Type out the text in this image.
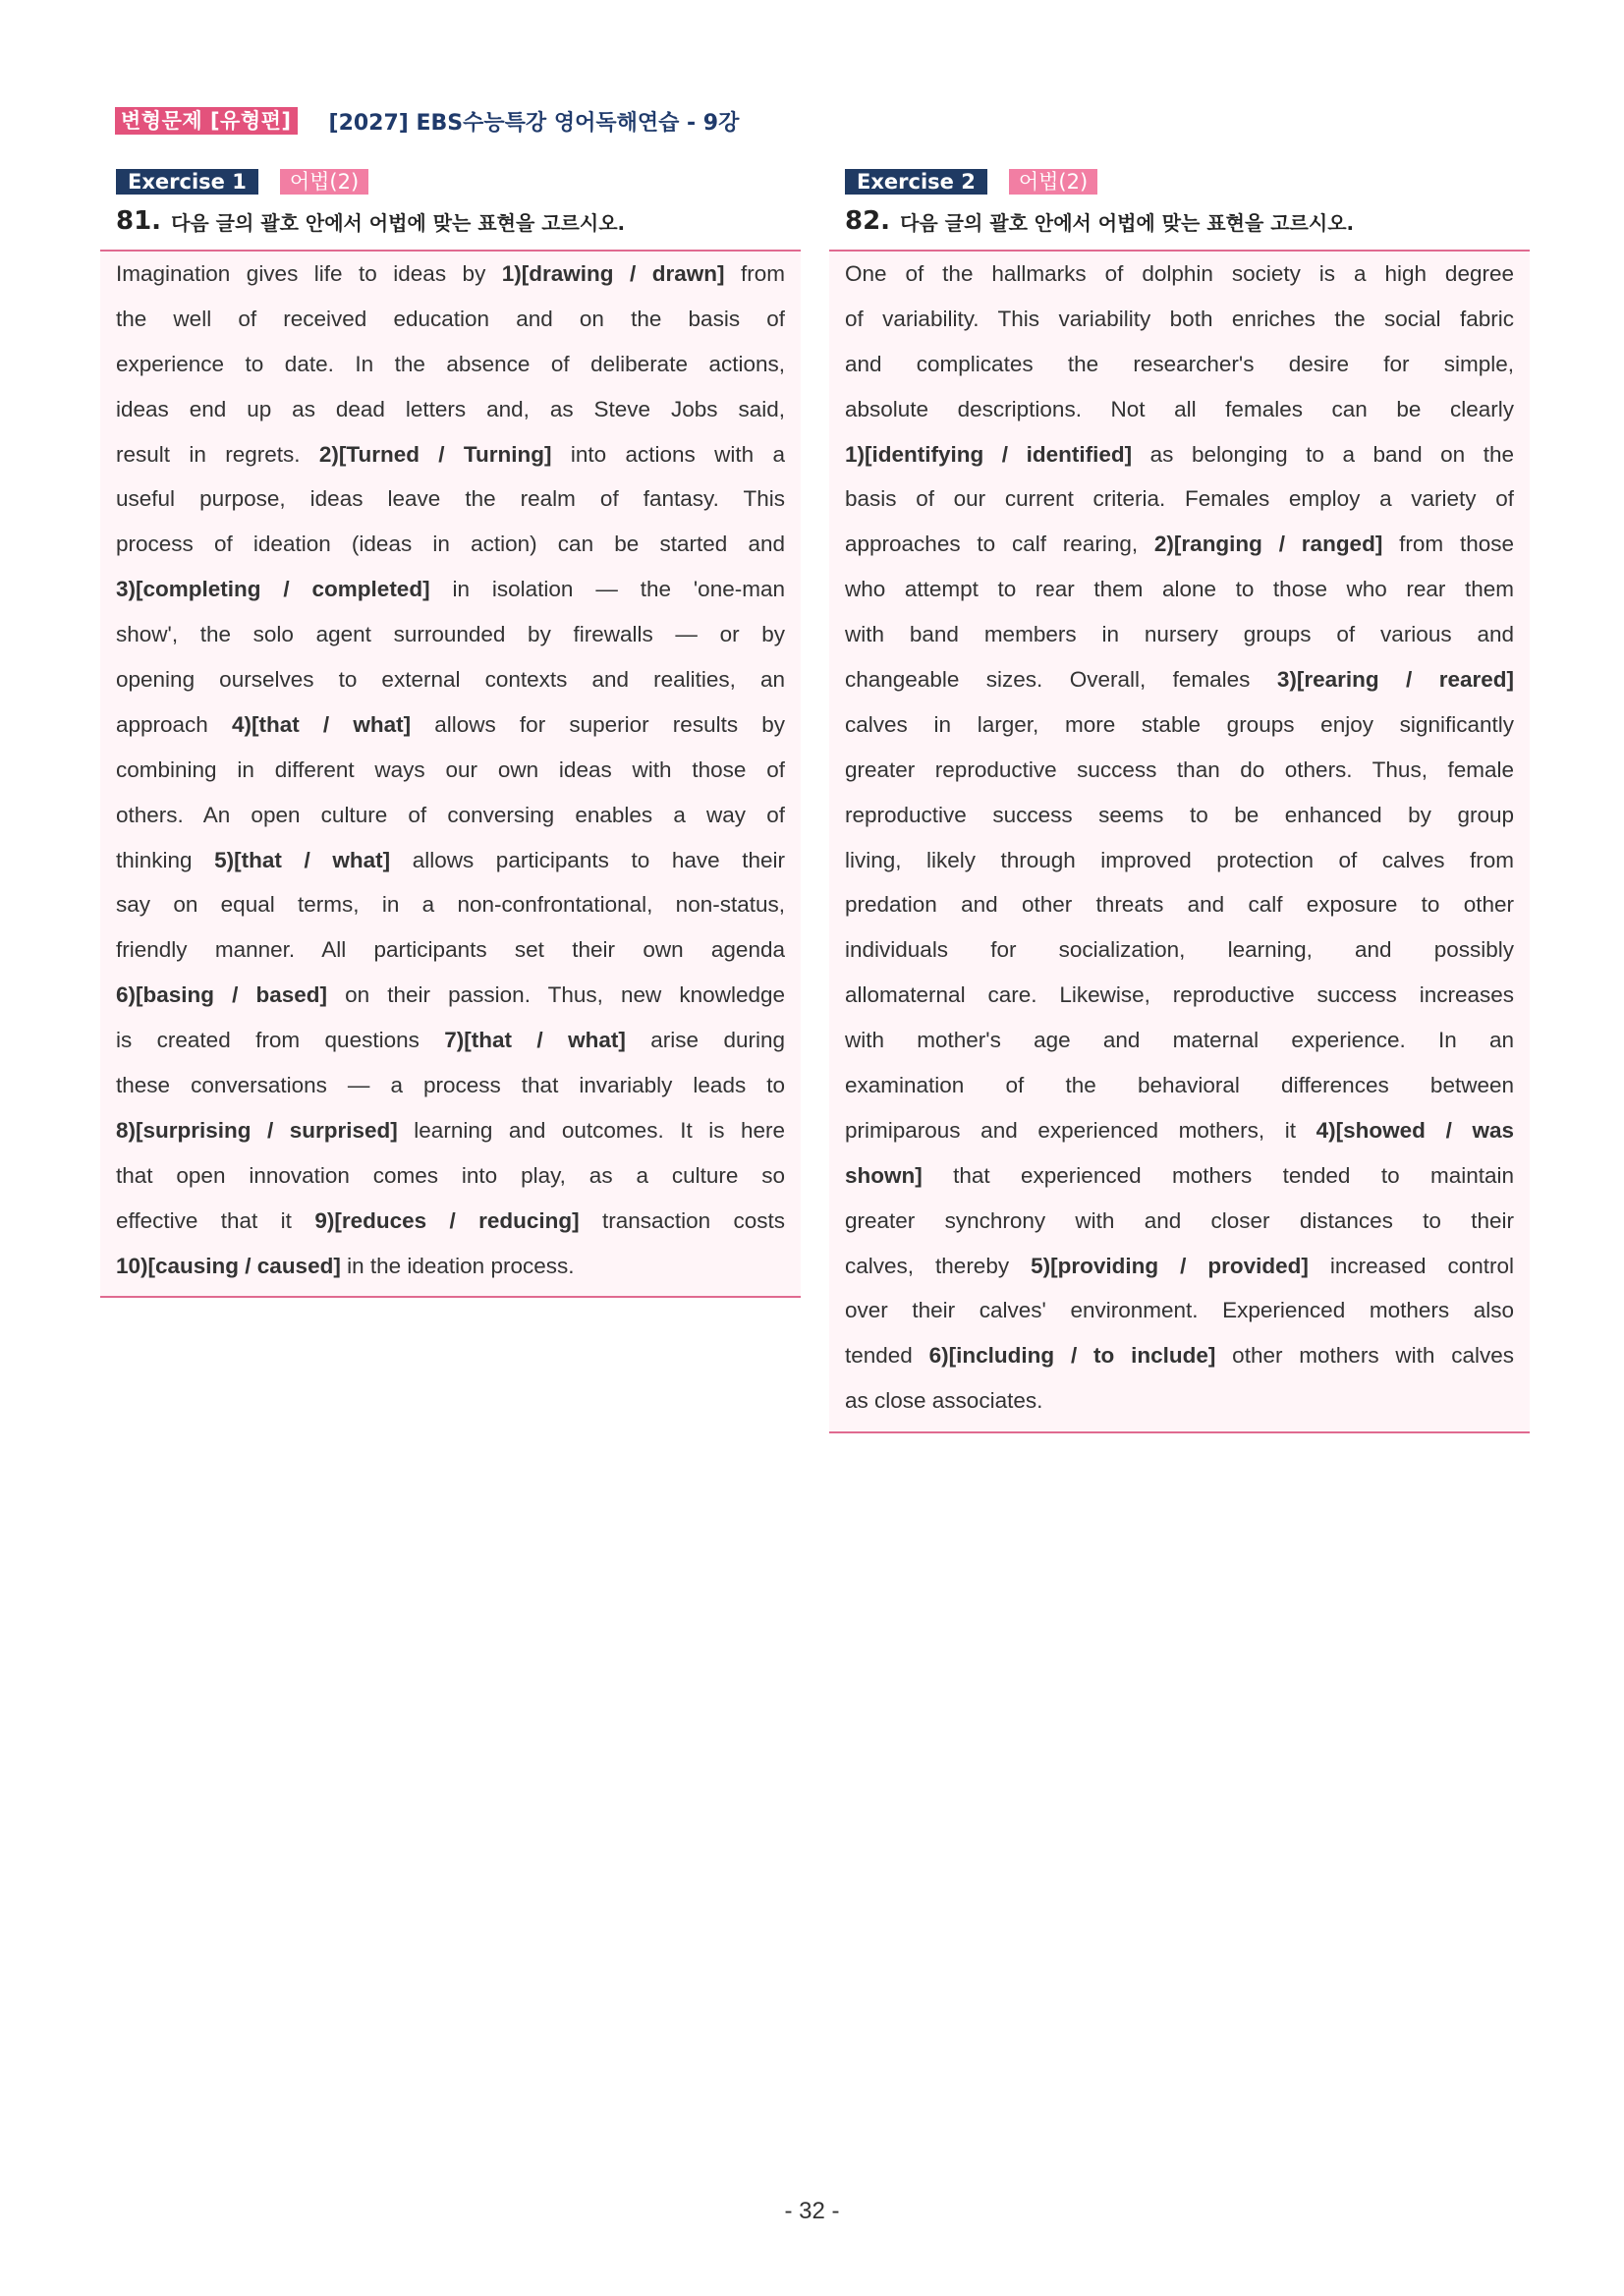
변형문제 [유형편] [2027] EBS수능특강 영어독해연습 - 9강
Exercise 1	어법(2)
81. 다음 글의 괄호 안에서 어법에 맞는 표현을 고르시오.
Imagination gives life to ideas by 1)[drawing / drawn] from
the well of received education and on the basis of
experience to date. In the absence of deliberate actions,
ideas end up as dead letters and, as Steve Jobs said,
result in regrets. 2)[Turned / Turning] into actions with a
useful purpose, ideas leave the realm of fantasy. This
process of ideation (ideas in action) can be started and
3)[completing / completed] in isolation — the 'one-man
show', the solo agent surrounded by firewalls — or by
opening ourselves to external contexts and realities, an
approach 4)[that / what] allows for superior results by
combining in different ways our own ideas with those of
others. An open culture of conversing enables a way of
thinking 5)[that / what] allows participants to have their
say on equal terms, in a non-confrontational, non-status,
friendly manner. All participants set their own agenda
6)[basing / based] on their passion. Thus, new knowledge
is created from questions 7)[that / what] arise during
these conversations — a process that invariably leads to
8)[surprising / surprised] learning and outcomes. It is here
that open innovation comes into play, as a culture so
effective that it 9)[reduces / reducing] transaction costs
10)[causing / caused] in the ideation process.
Exercise 2	어법(2)
82. 다음 글의 괄호 안에서 어법에 맞는 표현을 고르시오.
One of the hallmarks of dolphin society is a high degree
of variability. This variability both enriches the social fabric
and complicates the researcher's desire for simple,
absolute descriptions. Not all females can be clearly
1)[identifying / identified] as belonging to a band on the
basis of our current criteria. Females employ a variety of
approaches to calf rearing, 2)[ranging / ranged] from those
who attempt to rear them alone to those who rear them
with band members in nursery groups of various and
changeable sizes. Overall, females 3)[rearing / reared]
calves in larger, more stable groups enjoy significantly
greater reproductive success than do others. Thus, female
reproductive success seems to be enhanced by group
living, likely through improved protection of calves from
predation and other threats and calf exposure to other
individuals for socialization, learning, and possibly
allomaternal care. Likewise, reproductive success increases
with mother's age and maternal experience. In an
examination of the behavioral differences between
primiparous and experienced mothers, it 4)[showed / was
shown] that experienced mothers tended to maintain
greater synchrony with and closer distances to their
calves, thereby 5)[providing / provided] increased control
over their calves' environment. Experienced mothers also
tended 6)[including / to include] other mothers with calves
as close associates.
- 32 -
